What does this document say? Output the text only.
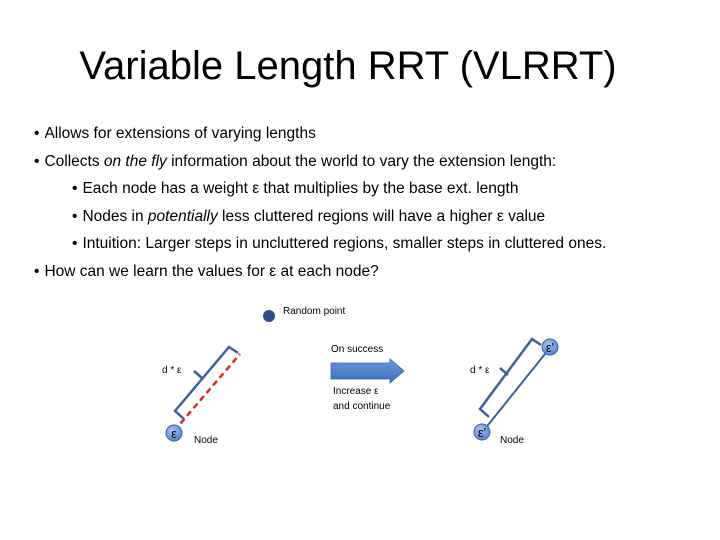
Variable Length RRT (VLRRT)
• Allows for extensions of varying lengths
• Collects on the fly information about the world to vary the extension length:
• Each node has a weight ε that multiplies by the base ext. length
• Nodes in potentially less cluttered regions will have a higher ε value
• Intuition: Larger steps in uncluttered regions, smaller steps in cluttered ones.
• How can we learn the values for ε at each node?
Random point
d * ε
ε Node
On success
Increase ε
and continue
d * ε
ε'
ε'
Node
